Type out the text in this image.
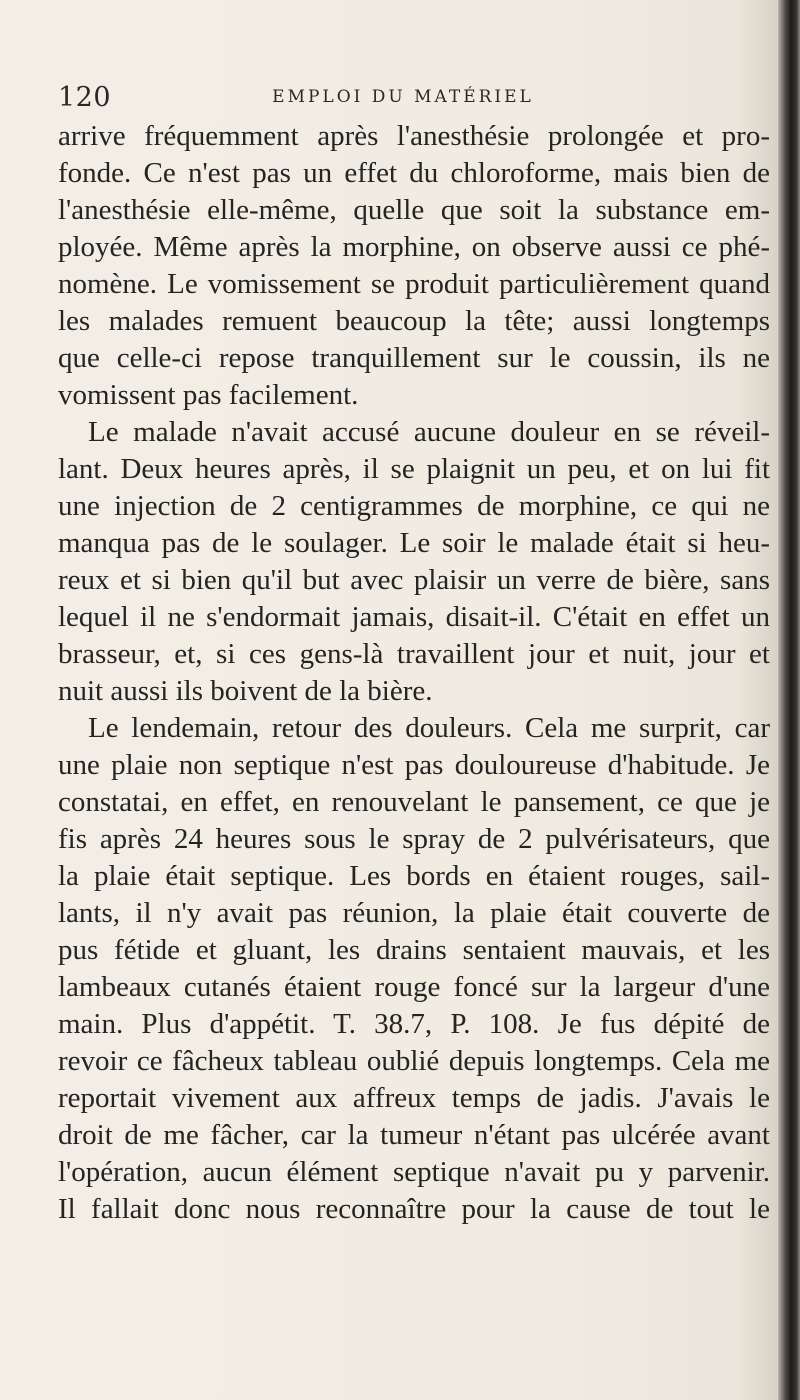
120	EMPLOI DU MATÉRIEL
arrive fréquemment après l'anesthésie prolongée et pro-
fonde. Ce n'est pas un effet du chloroforme, mais bien de
l'anesthésie elle-même, quelle que soit la substance em-
ployée. Même après la morphine, on observe aussi ce phé-
nomène. Le vomissement se produit particulièrement quand
les malades remuent beaucoup la tête; aussi longtemps
que celle-ci repose tranquillement sur le coussin, ils ne
vomissent pas facilement.
Le malade n'avait accusé aucune douleur en se réveil-
lant. Deux heures après, il se plaignit un peu, et on lui fit
une injection de 2 centigrammes de morphine, ce qui ne
manqua pas de le soulager. Le soir le malade était si heu-
reux et si bien qu'il but avec plaisir un verre de bière, sans
lequel il ne s'endormait jamais, disait-il. C'était en effet un
brasseur, et, si ces gens-là travaillent jour et nuit, jour et
nuit aussi ils boivent de la bière.
Le lendemain, retour des douleurs. Cela me surprit, car
une plaie non septique n'est pas douloureuse d'habitude. Je
constatai, en effet, en renouvelant le pansement, ce que je
fis après 24 heures sous le spray de 2 pulvérisateurs, que
la plaie était septique. Les bords en étaient rouges, sail-
lants, il n'y avait pas réunion, la plaie était couverte de
pus fétide et gluant, les drains sentaient mauvais, et les
lambeaux cutanés étaient rouge foncé sur la largeur d'une
main. Plus d'appétit. T. 38.7, P. 108. Je fus dépité de
revoir ce fâcheux tableau oublié depuis longtemps. Cela me
reportait vivement aux affreux temps de jadis. J'avais le
droit de me fâcher, car la tumeur n'étant pas ulcérée avant
l'opération, aucun élément septique n'avait pu y parvenir.
Il fallait donc nous reconnaître pour la cause de tout le
